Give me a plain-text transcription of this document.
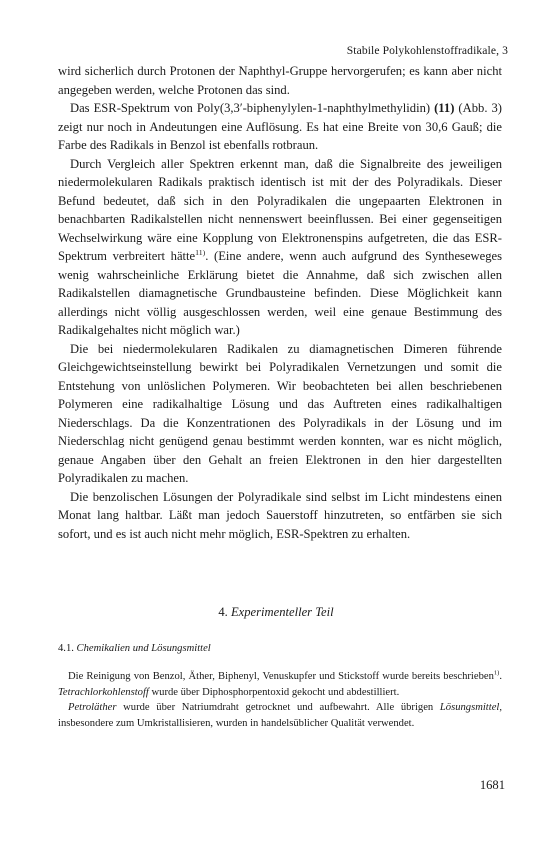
Stabile Polykohlenstoffradikale, 3

wird sicherlich durch Protonen der Naphthyl-Gruppe hervorgerufen; es kann aber nicht angegeben werden, welche Protonen das sind.

Das ESR-Spektrum von Poly(3,3′-biphenylylen-1-naphthylmethylidin) (11) (Abb. 3) zeigt nur noch in Andeutungen eine Auflösung. Es hat eine Breite von 30,6 Gauß; die Farbe des Radikals in Benzol ist ebenfalls rotbraun.

Durch Vergleich aller Spektren erkennt man, daß die Signalbreite des jeweiligen niedermolekularen Radikals praktisch identisch ist mit der des Polyradikals. Dieser Befund bedeutet, daß sich in den Polyradikalen die ungepaarten Elektronen in benachbarten Radikalstellen nicht nennenswert beeinflussen. Bei einer gegenseitigen Wechselwirkung wäre eine Kopplung von Elektronenspins aufgetreten, die das ESR-Spektrum verbreitert hätte$^{11)}$. (Eine andere, wenn auch aufgrund des Syntheseweges wenig wahrscheinliche Erklärung bietet die Annahme, daß sich zwischen allen Radikalstellen diamagnetische Grundbausteine befinden. Diese Möglichkeit kann allerdings nicht völlig ausgeschlossen werden, weil eine genaue Bestimmung des Radikalgehaltes nicht möglich war.)

Die bei niedermolekularen Radikalen zu diamagnetischen Dimeren führende Gleichgewichtseinstellung bewirkt bei Polyradikalen Vernetzungen und somit die Entstehung von unlöslichen Polymeren. Wir beobachteten bei allen beschriebenen Polymeren eine radikalhaltige Lösung und das Auftreten eines radikalhaltigen Niederschlags. Da die Konzentrationen des Polyradikals in der Lösung und im Niederschlag nicht genügend genau bestimmt werden konnten, war es nicht möglich, genaue Angaben über den Gehalt an freien Elektronen in den hier dargestellten Polyradikalen zu machen.

Die benzolischen Lösungen der Polyradikale sind selbst im Licht mindestens einen Monat lang haltbar. Läßt man jedoch Sauerstoff hinzutreten, so entfärben sie sich sofort, und es ist auch nicht mehr möglich, ESR-Spektren zu erhalten.

4. Experimenteller Teil
4.1. Chemikalien und Lösungsmittel

Die Reinigung von Benzol, Äther, Biphenyl, Venuskupfer und Stickstoff wurde bereits beschrieben$^{1)}$. Tetrachlorkohlenstoff wurde über Diphosphorpentoxid gekocht und abdestilliert.

Petroläther wurde über Natriumdraht getrocknet und aufbewahrt. Alle übrigen Lösungsmittel, insbesondere zum Umkristallisieren, wurden in handelsüblicher Qualität verwendet.

1681
